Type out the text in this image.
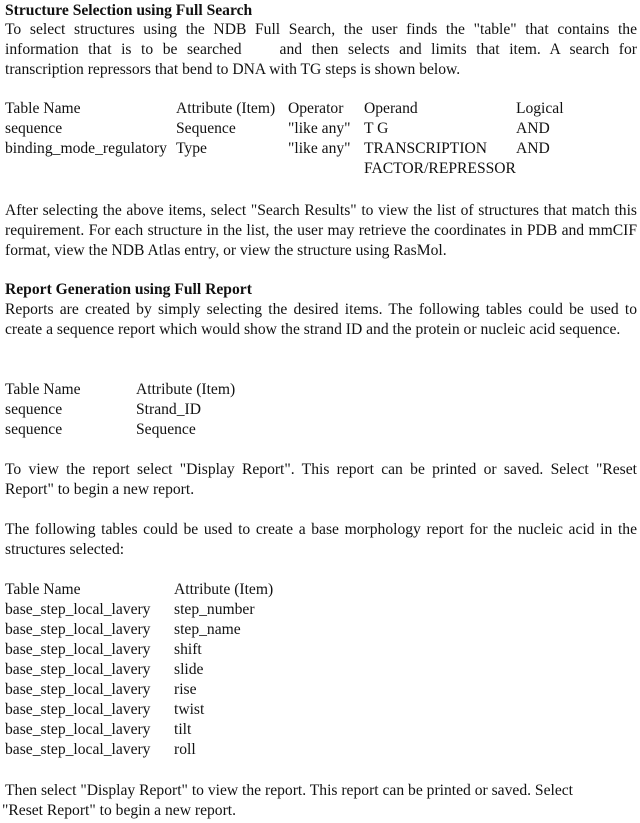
Structure Selection using Full Search
To select structures using the NDB Full Search, the user finds the "table" that contains the information that is to be searched and then selects and limits that item. A search for transcription repressors that bend to DNA with TG steps is shown below.
Table Name	Attribute (Item)	Operator	Operand	Logical
sequence	Sequence	"like any"	T G	AND
binding_mode_regulatory	Type	"like any"	TRANSCRIPTION FACTOR/REPRESSOR	AND
After selecting the above items, select "Search Results" to view the list of structures that match this requirement. For each structure in the list, the user may retrieve the coordinates in PDB and mmCIF format, view the NDB Atlas entry, or view the structure using RasMol.
Report Generation using Full Report
Reports are created by simply selecting the desired items. The following tables could be used to create a sequence report which would show the strand ID and the protein or nucleic acid sequence.
Table Name	Attribute (Item)
sequence	Strand_ID
sequence	Sequence
To view the report select "Display Report". This report can be printed or saved. Select "Reset Report" to begin a new report.
The following tables could be used to create a base morphology report for the nucleic acid in the structures selected:
Table Name	Attribute (Item)
base_step_local_lavery	step_number
base_step_local_lavery	step_name
base_step_local_lavery	shift
base_step_local_lavery	slide
base_step_local_lavery	rise
base_step_local_lavery	twist
base_step_local_lavery	tilt
base_step_local_lavery	roll
Then select "Display Report" to view the report. This report can be printed or saved. Select
"Reset Report" to begin a new report.
